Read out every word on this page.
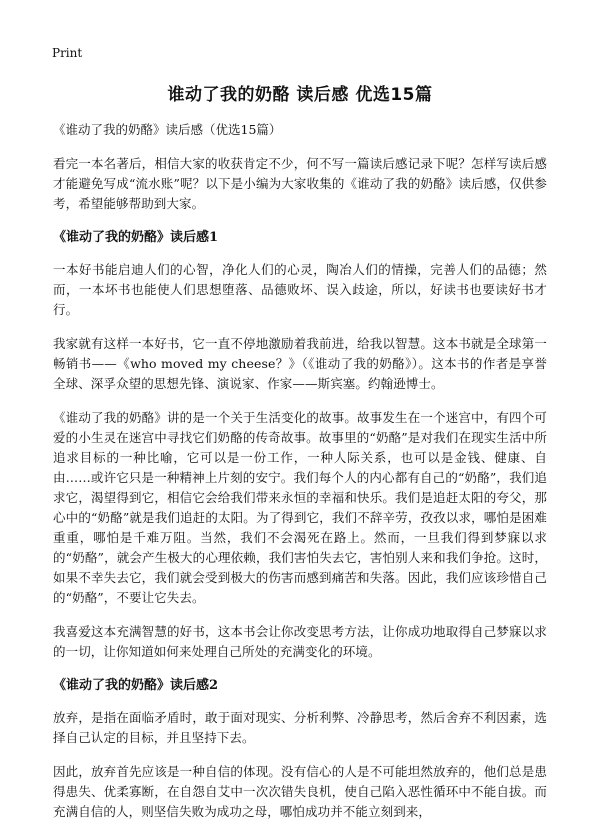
Print
谁动了我的奶酪 读后感 优选15篇
《谁动了我的奶酪》读后感（优选15篇）

看完一本名著后，相信大家的收获肯定不少，何不写一篇读后感记录下呢？怎样写读后感才能避免写成“流水账”呢？以下是小编为大家收集的《谁动了我的奶酪》读后感，仅供参考，希望能够帮助到大家。

《谁动了我的奶酪》读后感1

一本好书能启迪人们的心智，净化人们的心灵，陶冶人们的情操，完善人们的品德；然而，一本坏书也能使人们思想堕落、品德败坏、误入歧途，所以，好读书也要读好书才行。

我家就有这样一本好书，它一直不停地激励着我前进，给我以智慧。这本书就是全球第一畅销书——《who moved my cheese？》（《谁动了我的奶酪》）。这本书的作者是享誉全球、深孚众望的思想先锋、演说家、作家——斯宾塞。约翰逊博士。

《谁动了我的奶酪》讲的是一个关于生活变化的故事。故事发生在一个迷宫中，有四个可爱的小生灵在迷宫中寻找它们奶酪的传奇故事。故事里的“奶酪”是对我们在现实生活中所追求目标的一种比喻，它可以是一份工作，一种人际关系，也可以是金钱、健康、自由……或许它只是一种精神上片刻的安宁。我们每个人的内心都有自己的“奶酪”，我们追求它，渴望得到它，相信它会给我们带来永恒的幸福和快乐。我们是追赶太阳的夸父，那心中的“奶酪”就是我们追赶的太阳。为了得到它，我们不辞辛劳，孜孜以求，哪怕是困难重重，哪怕是千难万阻。当然，我们不会渴死在路上。然而，一旦我们得到梦寐以求的“奶酪”，就会产生极大的心理依赖，我们害怕失去它，害怕别人来和我们争抢。这时，如果不幸失去它，我们就会受到极大的伤害而感到痛苦和失落。因此，我们应该珍惜自己的“奶酪”，不要让它失去。

我喜爱这本充满智慧的好书，这本书会让你改变思考方法，让你成功地取得自己梦寐以求的一切，让你知道如何来处理自己所处的充满变化的环境。

《谁动了我的奶酪》读后感2

放弃，是指在面临矛盾时，敢于面对现实、分析利弊、冷静思考，然后舍弃不利因素，选择自己认定的目标，并且坚持下去。

因此，放弃首先应该是一种自信的体现。没有信心的人是不可能坦然放弃的，他们总是患得患失、优柔寡断，在自怨自艾中一次次错失良机，使自己陷入恶性循环中不能自拔。而充满自信的人，则坚信失败为成功之母，哪怕成功并不能立刻到来，
